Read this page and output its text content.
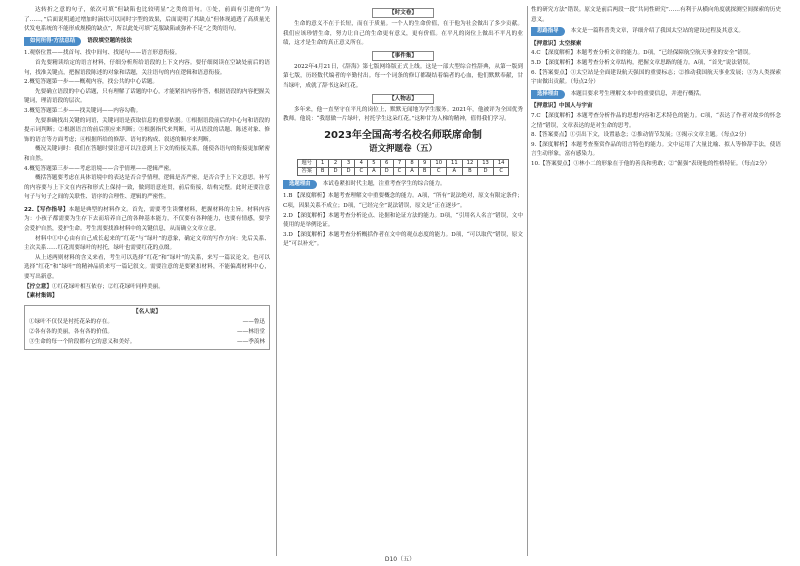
达转折之意的句子，依次可填“但缺陷也比较明显”之类的语句。⑤处，前面有引进的“为了……，”后面说明通过增加时滴状可以同时字型的效果，后面说明了其缺点“但体现通透了高质量光伏发电系统的不能形成规模的缺点”，所以此处可填“克服缺陷或弥补不足”之类的语句。

如何所得·方法总结	语段填空题的技法

1.观察位置——找首句、找中间句、找尾句——语言形意衔接。

首先要精读给定的语言材料，仔细分析所给语段的上下文内容。要仔细阅读在空缺处前后的语句，找准关键点，把握语段陈述的对象和话题，关注语句的内在逻辑和语意衔接。

2.概览答题第一步——概观内容，找公共的中心话题。

先要确立语段的中心话题，只有理解了话题的中心，才能紧扣内容作答，根据语段的内容把握关键词，理清语段的层次。

3.概览答题第二步——找关键词——内容勾勒。

先要准确找出关键的词语，关键词语是获取信息的重要依据。①根据语段前后的中心句和语段的提示词判断；②根据语言的前后照应来判断；③根据指代来判断，可从语段的话题、陈述对象、修饰的语言等方面考虑；④根据所给的修辞、语句的构成、叙述的顺序来判断。

概况关键词时：我们在答题时要注意可以注意到上下文的衔接关系，能使各语句的衔接更加紧密和自然。

4.概览答题第三步——考虑语境——合乎情理——逻辑严密。

概括答题要考虑在具体语境中的表达是否合乎情理，逻辑是否严密，是否合乎上下文意思。补写的内容要与上下文在内容和形式上保持一致，做到语意连贯，前后衔接，结构完整。此时还要注意句子与句子之间的关联性、语序的合理性、逻辑的严密性。

22.【写作指导】本题是典型的材料作文。首先，需要考生读懂材料，把握材料的主旨。材料内容为：小孩子都需要为生存下去而培养自己的各种基本能力，不仅要有各种能力，也要有情感，要学会爱护自然，爱护生命。考生需要找准材料中的关键信息，从而确立文章立意。

材料中①中心由有自己成长起来的“红花”与“绿叶”的意象，确定文章的写作方向：先后关系、主次关系……红花需要绿叶的衬托，绿叶也需要红花的点缀。

从上述两则材料的含义来看，考生可以选择“红花”和“绿叶”的关系，来写一篇议论文。也可以选择“红花”和“绿叶”的精神品质来写一篇记叙文。需要注意的是要紧扣材料，不能偏离材料中心，要写出新意。

【拧立意】①红花绿叶相互依存；②红花绿叶同样美丽。

【素材集锦】

【名人说】
①绿叶不仅仅是衬托花朵的存在。	——鲁迅
②各有各的美丽，各有各的价值。	——林语堂
③生命的每一个阶段都有它的意义和美好。	——季羡林
【时文卷】

生命的意义不在于长短，而在于质量。一个人的生命价值，在于他为社会做出了多少贡献。我们应该珍惜生命，努力让自己的生命更有意义，更有价值。在平凡的岗位上做出不平凡的业绩，这才是生命的真正意义所在。

【事件集】

2022年4月21日，《辞海》第七版网络版正式上线。这是一部大型综合性辞典，从第一版到第七版，历经数代编者的辛勤付出。每一个词条的修订都凝结着编者的心血，他们默默奉献，甘当绿叶，成就了辞书这朵红花。

【人物志】

多年来，他一直坚守在平凡的岗位上，默默无闻地为学生服务。2021年，他被评为全国优秀教师。他说：“我愿做一片绿叶，衬托学生这朵红花。”这种甘为人梯的精神，值得我们学习。

2023年全国高考名校名师联席命制
语文押题卷（五）
题号	1	2	3	4	5	6	7	8	9	10	11	12	13	14
答案	B	D	D	C	A	D	C	A	B	C	A	B	D	C
选题理由	本试卷紧扣时代主题，注重考查学生的综合能力。

1.B 【深度解析】本题考查理解文中重要概念的能力。A项，“所有”说法绝对，原文有限定条件；C项，因果关系不成立；D项，“已经完全”说法错误，原文是“正在逐步”。

2.D 【深度解析】本题考查分析论点、论据和论证方法的能力。D项，“引用名人名言”错误，文中使用的是举例论证。

3.D 【深度解析】本题考查分析概括作者在文中的观点态度的能力。D项，“可以取代”错误，原文是“可以补充”。

性的研究方法”错误。原文是前后两段一段“共同性研究”……有利于从横向角度就探测空间探索的历史意义。

思路指导	本文是一篇科普类文章，详细介绍了我国太空站的建设过程及其意义。

【押意识】太空探索

4.C 【深度解析】本题考查分析文章的能力。D项，“已经保障航空航天事业的安全”错误。

5.D 【深度解析】本题考查分析文章结构，把握文章思路的能力。A项，“首先”说法错误。

6.【答案要点】①太空站是全面建设航天强国的重要标志；②推动我国航天事业发展；③为人类探索宇宙做出贡献。（每点2分）

选择理由	本题目要求考生理解文本中的重要信息，并进行概括。

【押意识】中国人与宇宙

7.C 【深度解析】本题考查分析作品的思想内容和艺术特色的能力。C项，“表达了作者对故乡的怀念之情”错误，文章表达的是对生命的思考。

8.【答案要点】①引出下文，设置悬念；②推动情节发展；③揭示文章主题。（每点2分）

9.【深度解析】本题考查鉴赏作品的语言特色的能力。文中运用了大量比喻、拟人等修辞手法，使语言生动形象，富有感染力。

10.【答案要点】①林小二的形象在于他的善良和勇敢；②“倔强”表现他的性格特征。（每点2分）

D10（五）
